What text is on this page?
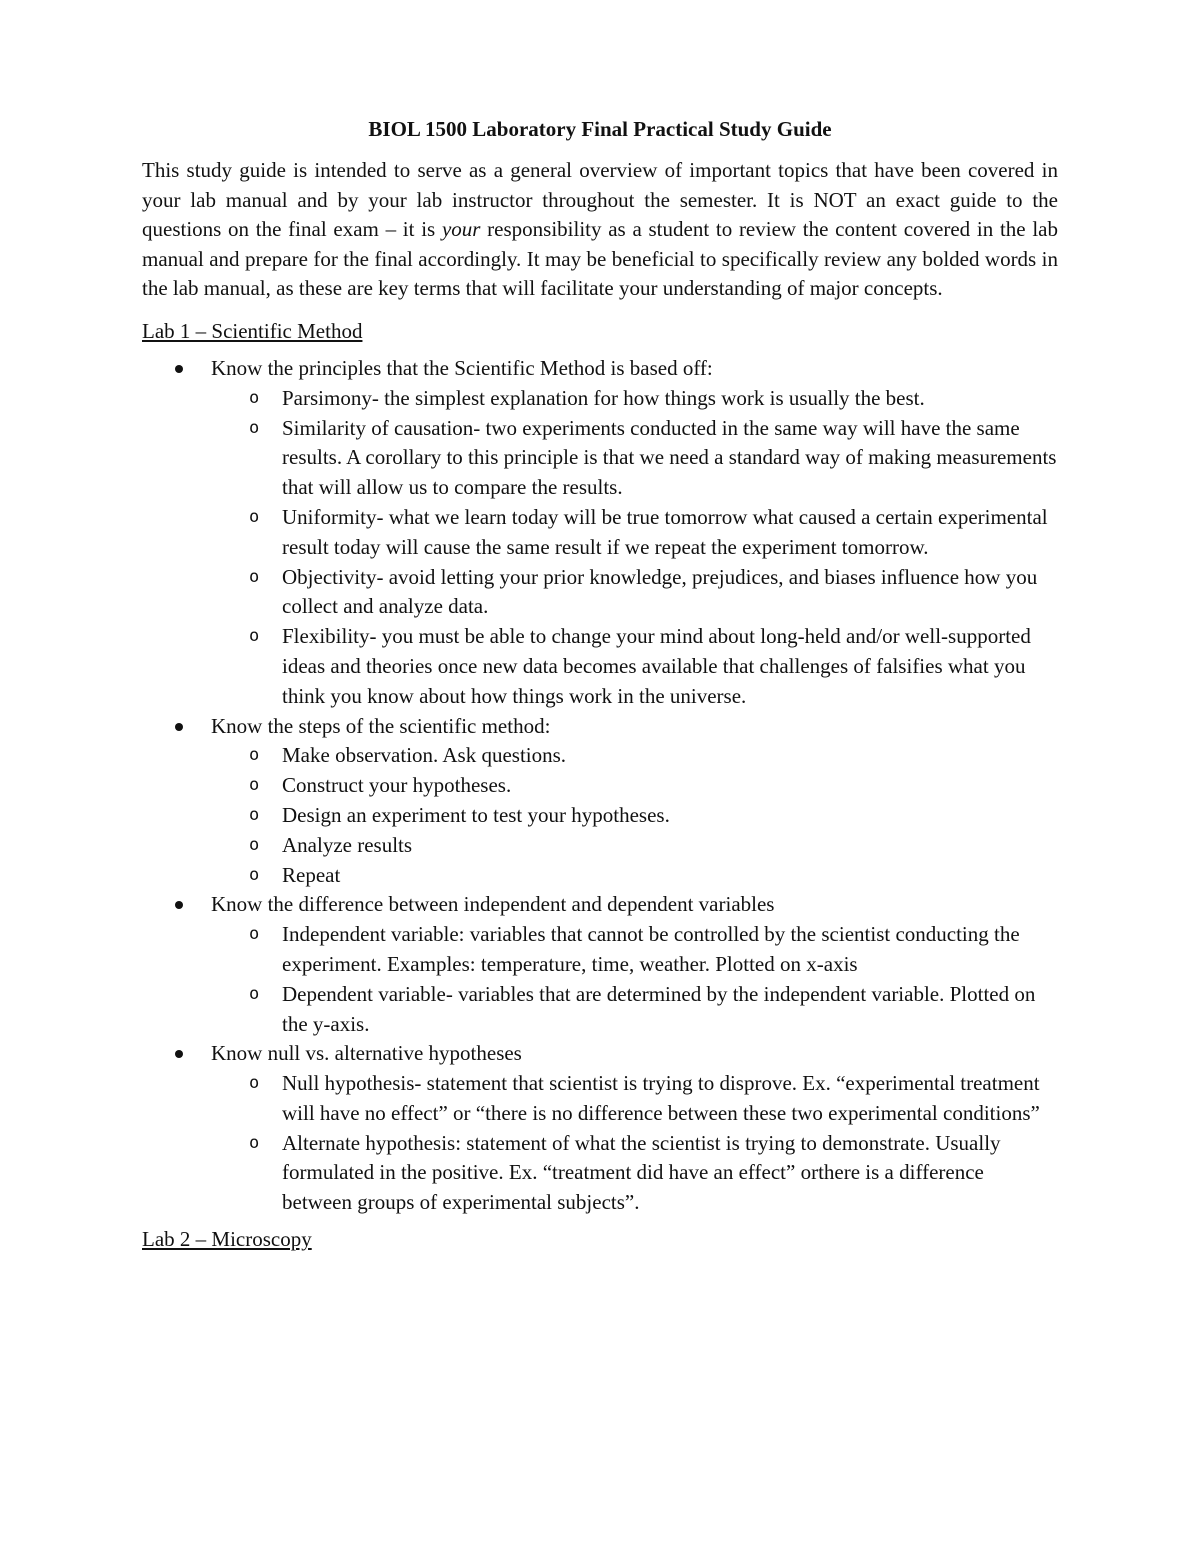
BIOL 1500 Laboratory Final Practical Study Guide

This study guide is intended to serve as a general overview of important topics that have been covered in your lab manual and by your lab instructor throughout the semester. It is NOT an exact guide to the questions on the final exam – it is your responsibility as a student to review the content covered in the lab manual and prepare for the final accordingly. It may be beneficial to specifically review any bolded words in the lab manual, as these are key terms that will facilitate your understanding of major concepts.

Lab 1 – Scientific Method
Know the principles that the Scientific Method is based off:
o Parsimony- the simplest explanation for how things work is usually the best.
o Similarity of causation- two experiments conducted in the same way will have the same results. A corollary to this principle is that we need a standard way of making measurements that will allow us to compare the results.
o Uniformity- what we learn today will be true tomorrow what caused a certain experimental result today will cause the same result if we repeat the experiment tomorrow.
o Objectivity- avoid letting your prior knowledge, prejudices, and biases influence how you collect and analyze data.
o Flexibility- you must be able to change your mind about long-held and/or well-supported ideas and theories once new data becomes available that challenges of falsifies what you think you know about how things work in the universe.
Know the steps of the scientific method:
o Make observation. Ask questions.
o Construct your hypotheses.
o Design an experiment to test your hypotheses.
o Analyze results
o Repeat
Know the difference between independent and dependent variables
o Independent variable: variables that cannot be controlled by the scientist conducting the experiment. Examples: temperature, time, weather. Plotted on x-axis
o Dependent variable- variables that are determined by the independent variable. Plotted on the y-axis.
Know null vs. alternative hypotheses
o Null hypothesis- statement that scientist is trying to disprove. Ex. “experimental treatment will have no effect” or “there is no difference between these two experimental conditions”
o Alternate hypothesis: statement of what the scientist is trying to demonstrate. Usually formulated in the positive. Ex. “treatment did have an effect” orthere is a difference between groups of experimental subjects”.
Lab 2 – Microscopy
